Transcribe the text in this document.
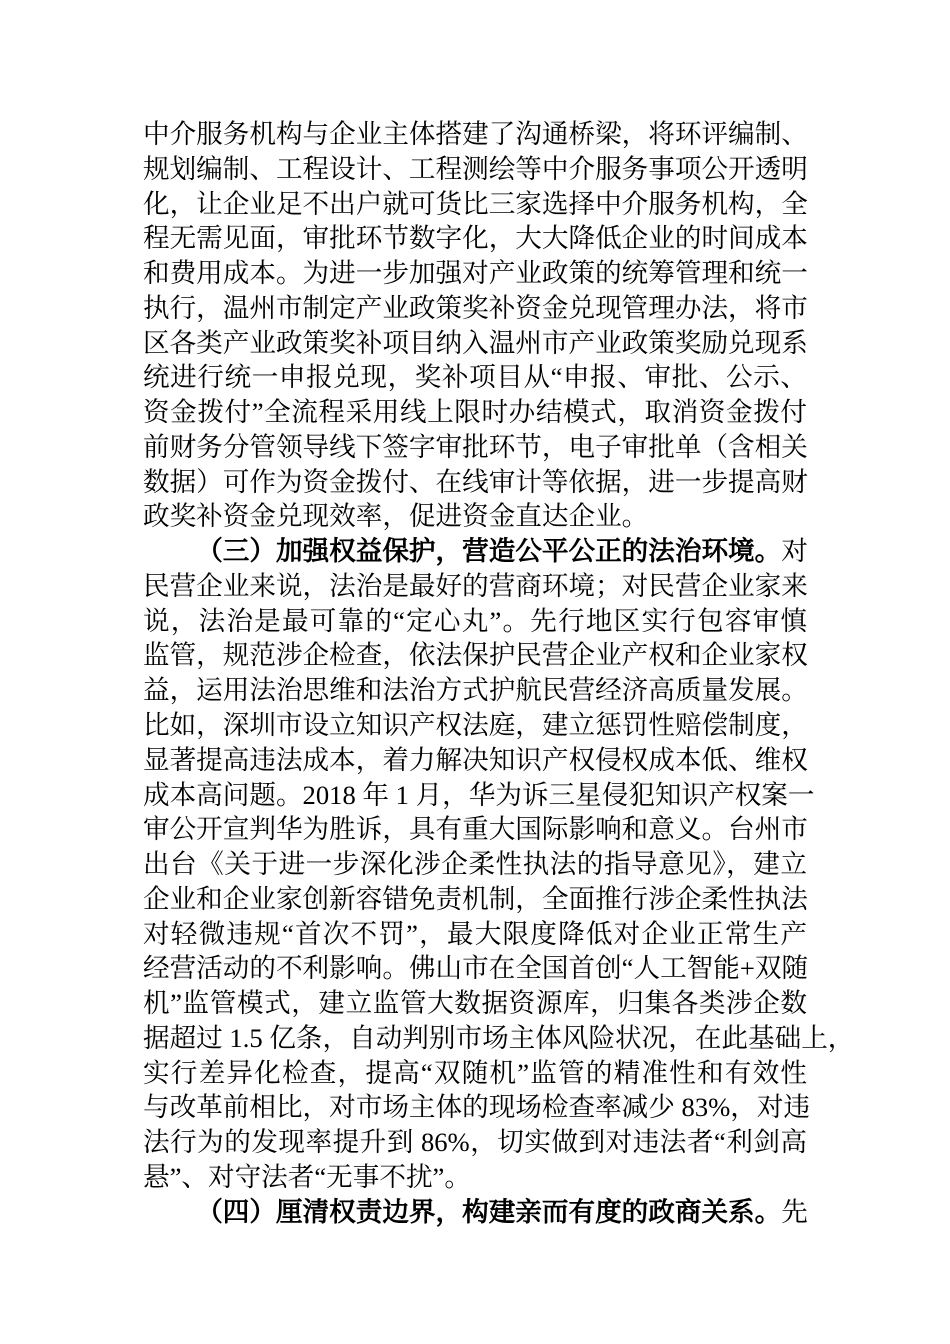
中介服务机构与企业主体搭建了沟通桥梁，将环评编制、
规划编制、工程设计、工程测绘等中介服务事项公开透明
化，让企业足不出户就可货比三家选择中介服务机构，全
程无需见面，审批环节数字化，大大降低企业的时间成本
和费用成本。为进一步加强对产业政策的统筹管理和统一
执行，温州市制定产业政策奖补资金兑现管理办法，将市
区各类产业政策奖补项目纳入温州市产业政策奖励兑现系
统进行统一申报兑现，奖补项目从“申报、审批、公示、
资金拨付”全流程采用线上限时办结模式，取消资金拨付
前财务分管领导线下签字审批环节，电子审批单（含相关
数据）可作为资金拨付、在线审计等依据，进一步提高财
政奖补资金兑现效率，促进资金直达企业。
（三）加强权益保护，营造公平公正的法治环境。对
民营企业来说，法治是最好的营商环境；对民营企业家来
说，法治是最可靠的“定心丸”。先行地区实行包容审慎
监管，规范涉企检查，依法保护民营企业产权和企业家权
益，运用法治思维和法治方式护航民营经济高质量发展。
比如，深圳市设立知识产权法庭，建立惩罚性赔偿制度，
显著提高违法成本，着力解决知识产权侵权成本低、维权
成本高问题。2018 年 1 月，华为诉三星侵犯知识产权案一
审公开宣判华为胜诉，具有重大国际影响和意义。台州市
出台《关于进一步深化涉企柔性执法的指导意见》，建立
企业和企业家创新容错免责机制，全面推行涉企柔性执法
对轻微违规“首次不罚”，最大限度降低对企业正常生产
经营活动的不利影响。佛山市在全国首创“人工智能+双随
机”监管模式，建立监管大数据资源库，归集各类涉企数
据超过 1.5 亿条，自动判别市场主体风险状况，在此基础上，
实行差异化检查，提高“双随机”监管的精准性和有效性
与改革前相比，对市场主体的现场检查率减少 83%，对违
法行为的发现率提升到 86%，切实做到对违法者“利剑高
悬”、对守法者“无事不扰”。
（四）厘清权责边界，构建亲而有度的政商关系。先
